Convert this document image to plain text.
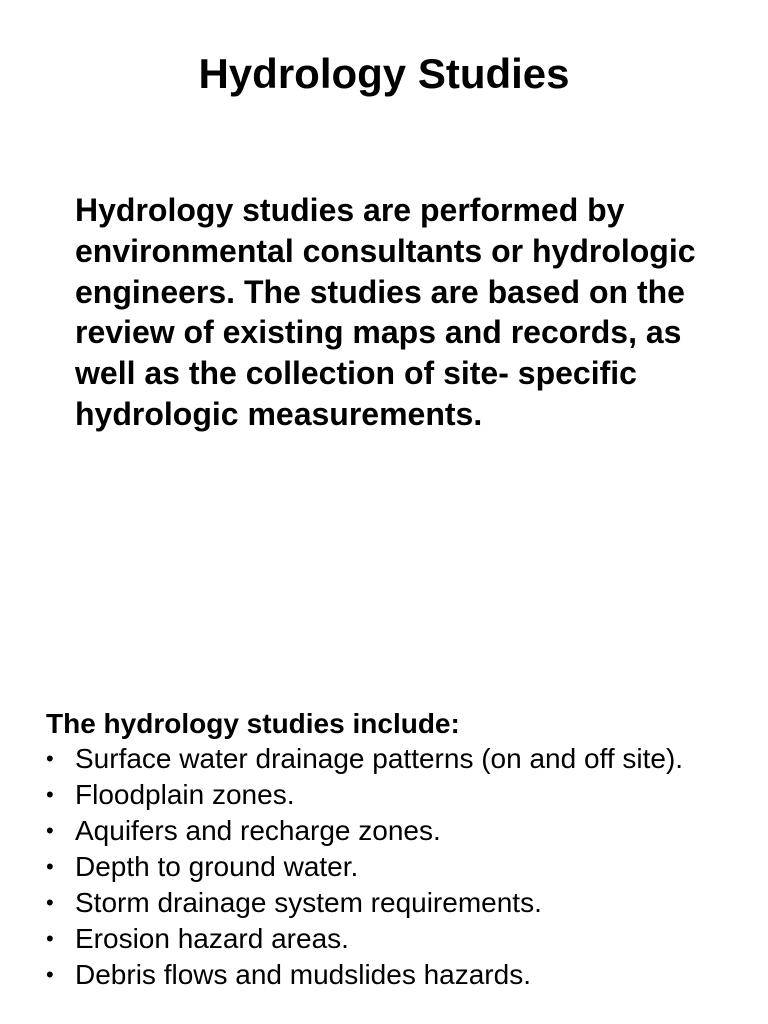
Hydrology Studies

Hydrology studies are performed by environmental consultants or hydrologic engineers. The studies are based on the review of existing maps and records, as well as the collection of site- specific hydrologic measurements.

The hydrology studies include:

• Surface water drainage patterns (on and off site).
• Floodplain zones.
• Aquifers and recharge zones.
• Depth to ground water.
• Storm drainage system requirements.
• Erosion hazard areas.
• Debris flows and mudslides hazards.
